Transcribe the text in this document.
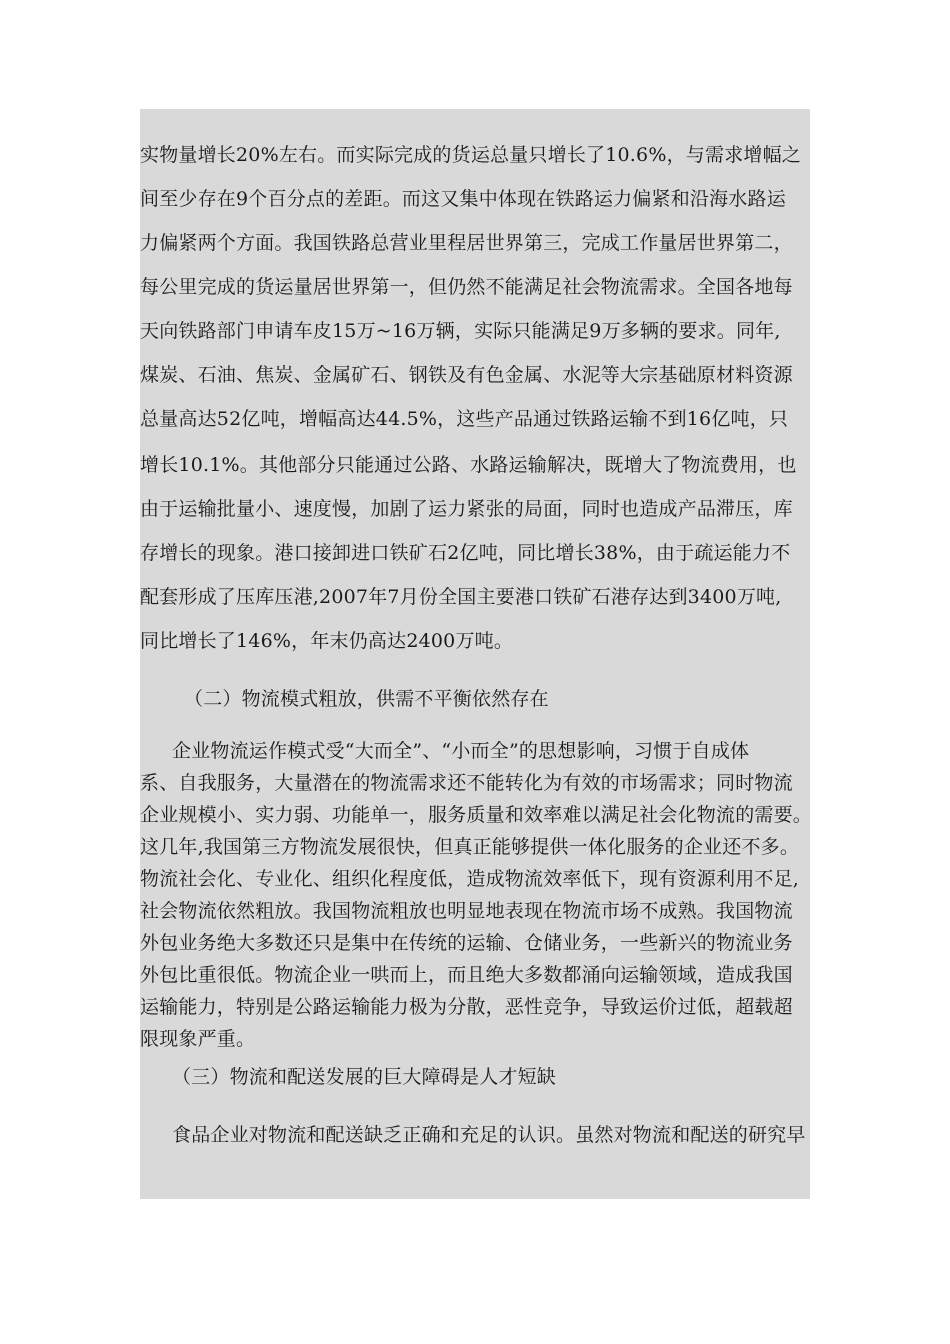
实物量增长20%左右。而实际完成的货运总量只增长了10.6%，与需求增幅之
间至少存在9个百分点的差距。而这又集中体现在铁路运力偏紧和沿海水路运
力偏紧两个方面。我国铁路总营业里程居世界第三，完成工作量居世界第二，
每公里完成的货运量居世界第一，但仍然不能满足社会物流需求。全国各地每
天向铁路部门申请车皮15万~16万辆，实际只能满足9万多辆的要求。同年,
煤炭、石油、焦炭、金属矿石、钢铁及有色金属、水泥等大宗基础原材料资源
总量高达52亿吨，增幅高达44.5%，这些产品通过铁路运输不到16亿吨，只
增长10.1%。其他部分只能通过公路、水路运输解决，既增大了物流费用，也
由于运输批量小、速度慢，加剧了运力紧张的局面，同时也造成产品滞压，库
存增长的现象。港口接卸进口铁矿石2亿吨，同比增长38%，由于疏运能力不
配套形成了压库压港,2007年7月份全国主要港口铁矿石港存达到3400万吨,
同比增长了146%，年末仍高达2400万吨。
（二）物流模式粗放，供需不平衡依然存在
企业物流运作模式受“大而全”、“小而全”的思想影响，习惯于自成体
系、自我服务，大量潜在的物流需求还不能转化为有效的市场需求；同时物流
企业规模小、实力弱、功能单一，服务质量和效率难以满足社会化物流的需要。
这几年,我国第三方物流发展很快，但真正能够提供一体化服务的企业还不多。
物流社会化、专业化、组织化程度低，造成物流效率低下，现有资源利用不足,
社会物流依然粗放。我国物流粗放也明显地表现在物流市场不成熟。我国物流
外包业务绝大多数还只是集中在传统的运输、仓储业务，一些新兴的物流业务
外包比重很低。物流企业一哄而上，而且绝大多数都涌向运输领域，造成我国
运输能力，特别是公路运输能力极为分散，恶性竞争，导致运价过低，超载超
限现象严重。
（三）物流和配送发展的巨大障碍是人才短缺
食品企业对物流和配送缺乏正确和充足的认识。虽然对物流和配送的研究早
